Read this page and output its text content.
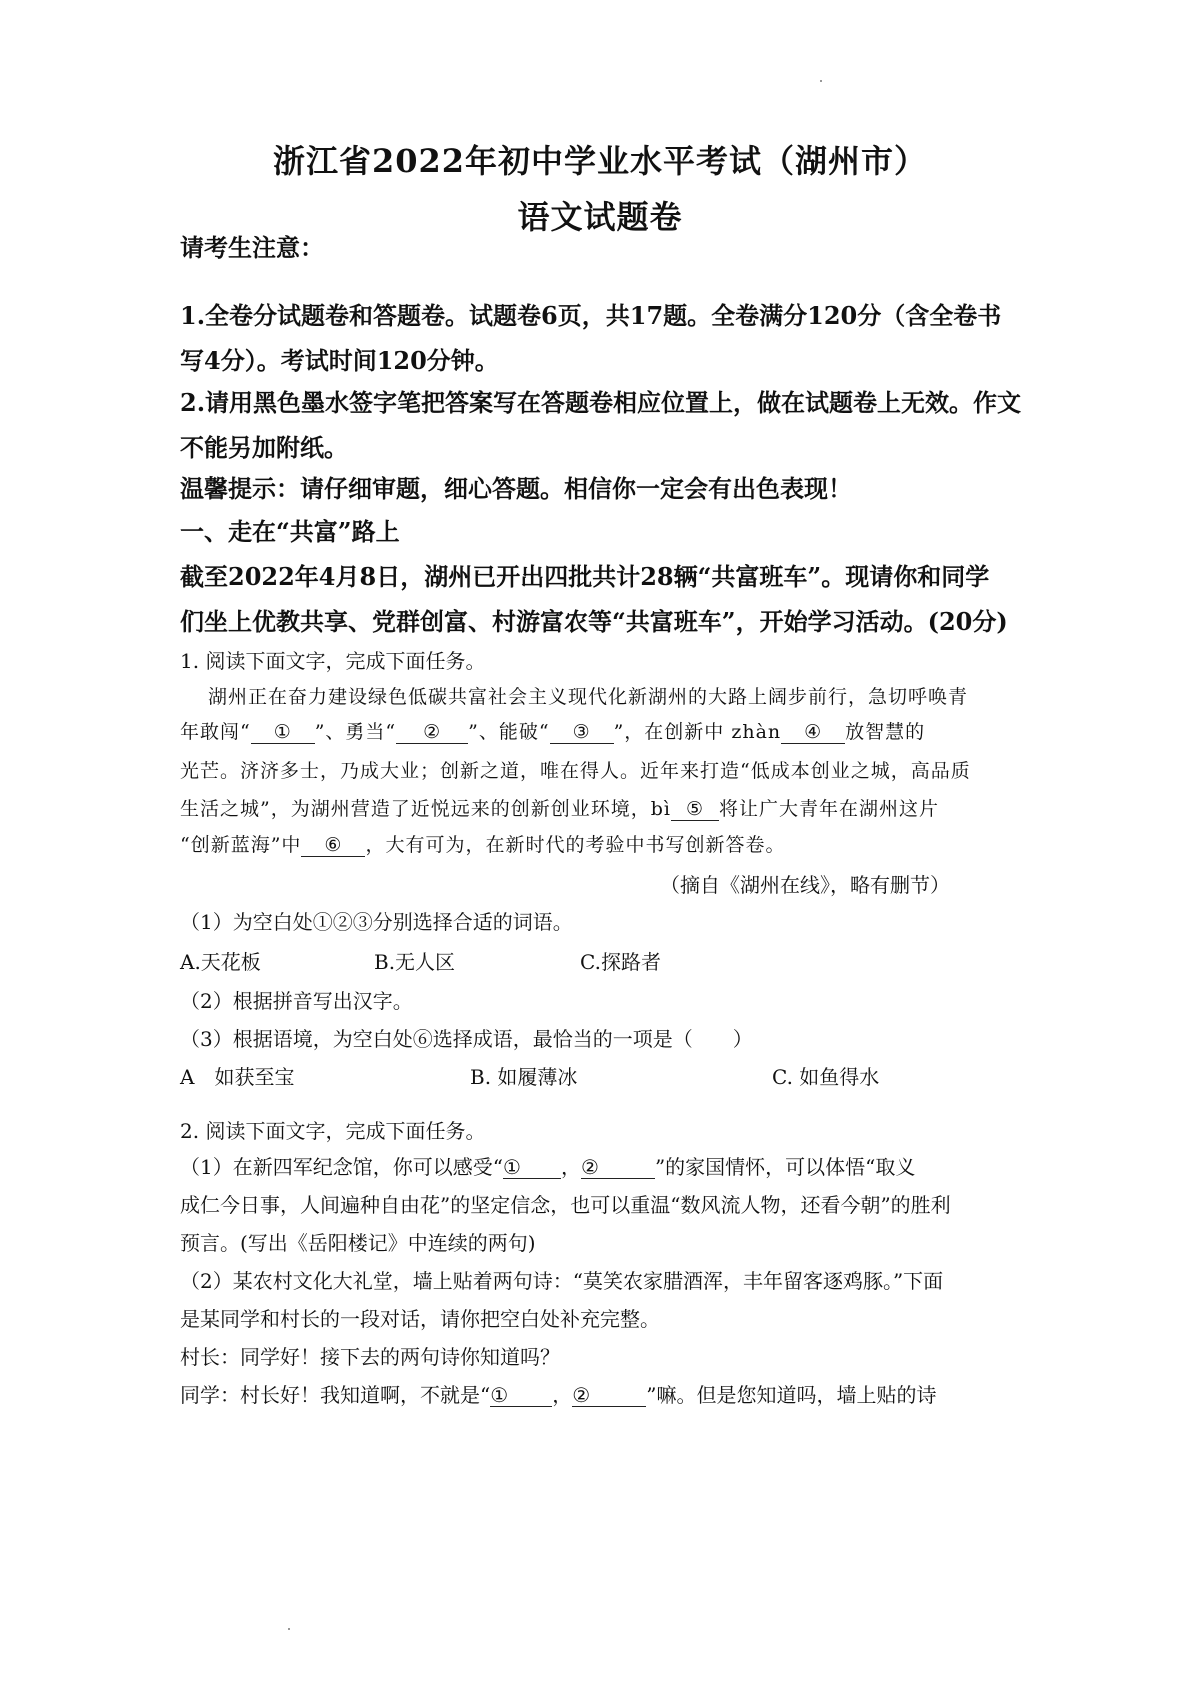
浙江省2022年初中学业水平考试（湖州市）
语文试题卷
请考生注意：
1.全卷分试题卷和答题卷。试题卷6页，共17题。全卷满分120分（含全卷书
写4分）。考试时间120分钟。
2.请用黑色墨水签字笔把答案写在答题卷相应位置上，做在试题卷上无效。作文
不能另加附纸。
温馨提示：请仔细审题，细心答题。相信你一定会有出色表现！
一、走在“共富”路上
截至2022年4月8日，湖州已开出四批共计28辆“共富班车”。现请你和同学
们坐上优教共享、党群创富、村游富农等“共富班车”，开始学习活动。(20分)
1. 阅读下面文字，完成下面任务。
湖州正在奋力建设绿色低碳共富社会主义现代化新湖州的大路上阔步前行，急切呼唤青
年敢闯“ ① ”、勇当“ ② ”、能破“ ③ ”，在创新中 zhàn ④ 放智慧的
光芒。济济多士，乃成大业；创新之道，唯在得人。近年来打造“低成本创业之城，高品质
生活之城”，为湖州营造了近悦远来的创新创业环境，bì ⑤ 将让广大青年在湖州这片
“创新蓝海”中 ⑥ ，大有可为，在新时代的考验中书写创新答卷。
（摘自《湖州在线》，略有删节）
（1）为空白处①②③分别选择合适的词语。
A.天花板	B.无人区	C.探路者
（2）根据拼音写出汉字。
（3）根据语境，为空白处⑥选择成语，最恰当的一项是（　　）
A　如获至宝	B. 如履薄冰	C. 如鱼得水
2. 阅读下面文字，完成下面任务。
（1）在新四军纪念馆，你可以感受“① ，②	”的家国情怀，可以体悟“取义
成仁今日事，人间遍种自由花”的坚定信念，也可以重温“数风流人物，还看今朝”的胜利
预言。(写出《岳阳楼记》中连续的两句)
（2）某农村文化大礼堂，墙上贴着两句诗：“莫笑农家腊酒浑，丰年留客逐鸡豚。”下面
是某同学和村长的一段对话，请你把空白处补充完整。
村长：同学好！接下去的两句诗你知道吗？
同学：村长好！我知道啊，不就是“① ，②	”嘛。但是您知道吗，墙上贴的诗
